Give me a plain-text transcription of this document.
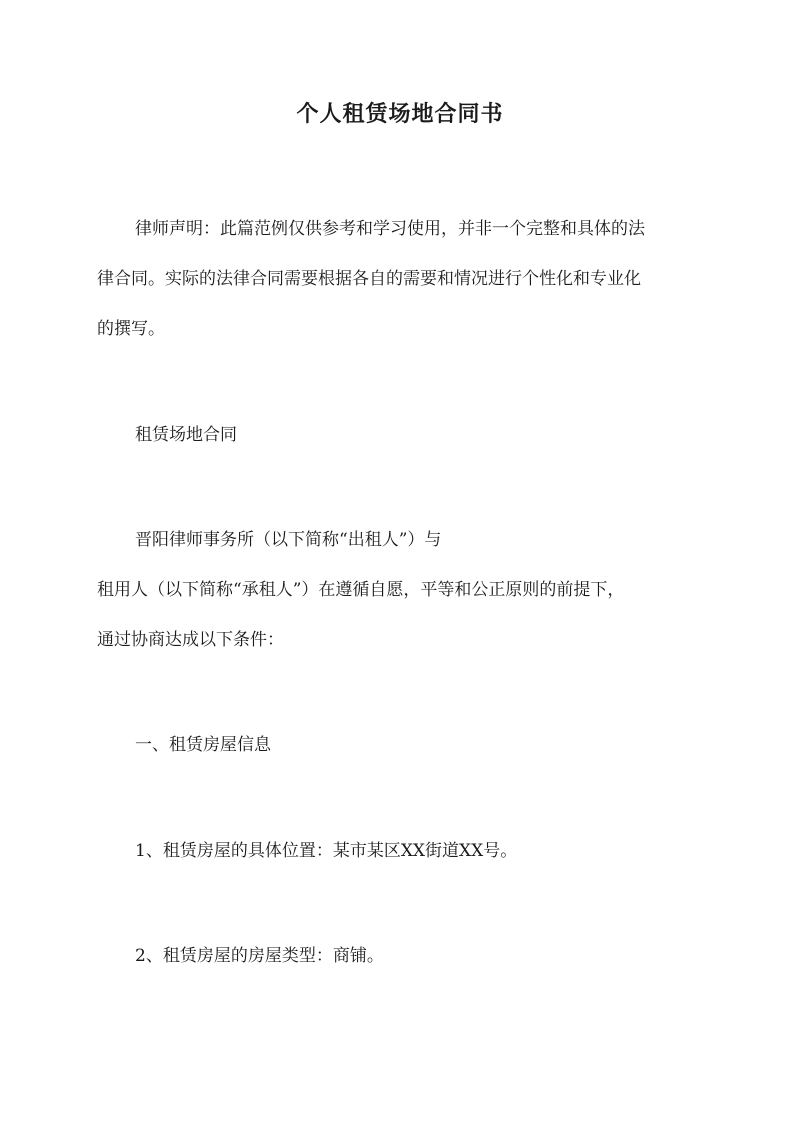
个人租赁场地合同书
律师声明：此篇范例仅供参考和学习使用，并非一个完整和具体的法
律合同。实际的法律合同需要根据各自的需要和情况进行个性化和专业化
的撰写。
租赁场地合同
晋阳律师事务所（以下简称“出租人”）与
租用人（以下简称“承租人”）在遵循自愿，平等和公正原则的前提下，
通过协商达成以下条件：
一、租赁房屋信息
1、租赁房屋的具体位置：某市某区XX街道XX号。
2、租赁房屋的房屋类型：商铺。
